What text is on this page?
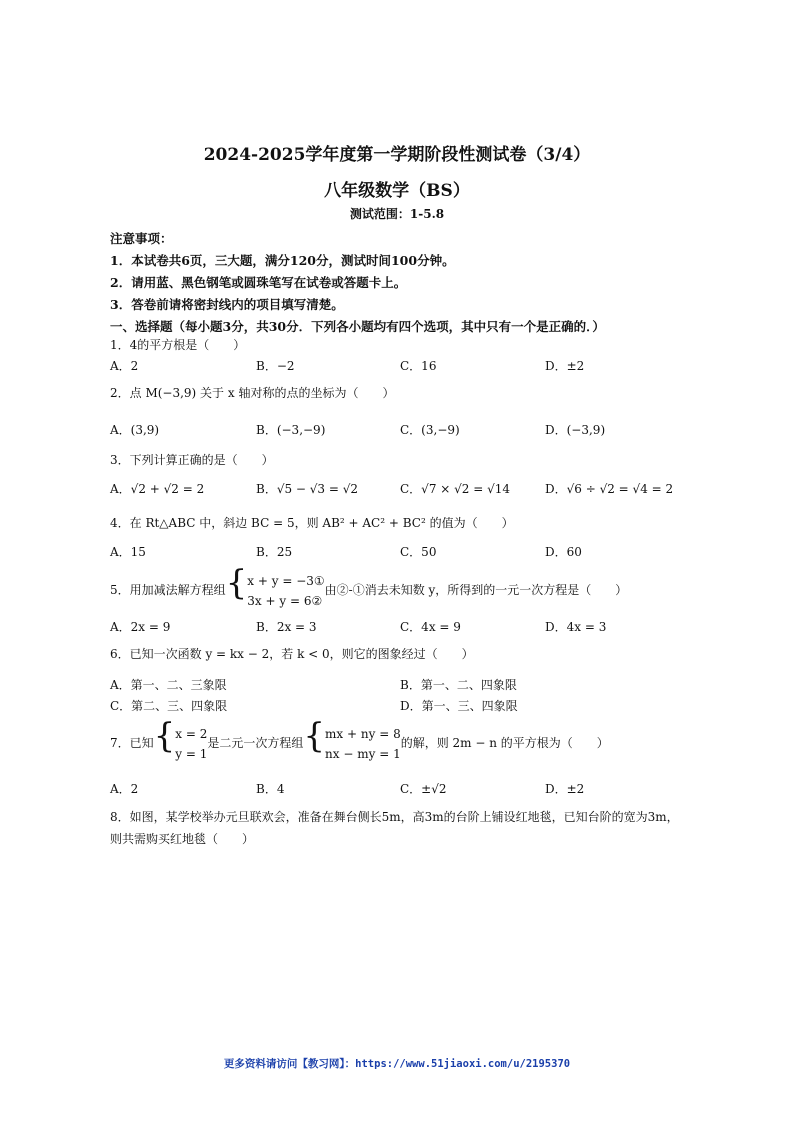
2024-2025学年度第一学期阶段性测试卷（3/4）
八年级数学（BS）
测试范围：1-5.8
注意事项：
1．本试卷共6页，三大题，满分120分，测试时间100分钟。
2．请用蓝、黑色钢笔或圆珠笔写在试卷或答题卡上。
3．答卷前请将密封线内的项目填写清楚。
一、选择题（每小题3分，共30分．下列各小题均有四个选项，其中只有一个是正确的．）
1．4的平方根是（　　）
A．2	B．−2	C．16	D．±2
2．点 M(−3,9) 关于 x 轴对称的点的坐标为（　　）
A．(3,9)	B．(−3,−9)	C．(3,−9)	D．(−3,9)
3．下列计算正确的是（　　）
A．√2 + √2 = 2	B．√5 − √3 = √2	C．√7 × √2 = √14	D．√6 ÷ √2 = √4 = 2
4．在 Rt△ABC 中，斜边 BC = 5，则 AB² + AC² + BC² 的值为（　　）
A．15	B．25	C．50	D．60
5．用加减法解方程组{ x + y = −3①
3x + y = 6②
由②-①消去未知数 y，所得到的一元一次方程是（　　）
A．2x = 9	B．2x = 3	C．4x = 9	D．4x = 3
6．已知一次函数 y = kx − 2，若 k < 0，则它的图象经过（　　）
A．第一、二、三象限	B．第一、二、四象限
C．第二、三、四象限	D．第一、三、四象限
7．已知{ x = 2
y = 1
是二元一次方程组{ mx + ny = 8
nx − my = 1
的解，则 2m − n 的平方根为（　　）
A．2	B．4	C．±√2	D．±2
8．如图，某学校举办元旦联欢会，准备在舞台侧长5m，高3m的台阶上铺设红地毯，已知台阶的宽为3m，
则共需购买红地毯（　　）
更多资料请访问【教习网】：https://www.51jiaoxi.com/u/2195370
